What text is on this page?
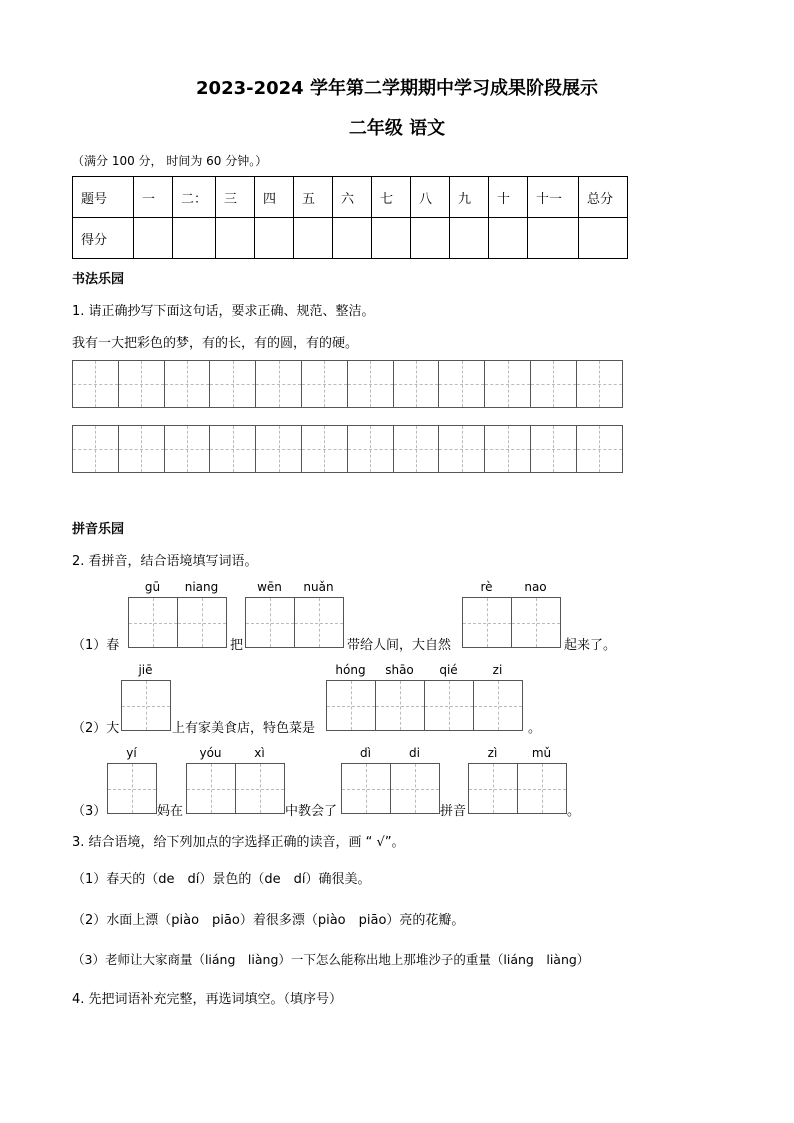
2023-2024 学年第二学期期中学习成果阶段展示
二年级 语文
（满分 100 分， 时间为 60 分钟。）
题号	一	二：	三	四	五	六	七	八	九	十	十一	总分
得分												
书法乐园
1. 请正确抄写下面这句话，要求正确、规范、整洁。
我有一大把彩色的梦，有的长，有的圆，有的硬。
拼音乐园
2. 看拼音，结合语境填写词语。
gū	niang	wēn	nuǎn	rè	nao
（1）春	把	带给人间，大自然	起来了。
jiē	hóng	shāo	qié	zi
（2）大	上有家美食店，特色菜是	。
yí	yóu	xì	dì	di	zì	mǔ
（3）	妈在	中教会了	拼音	。
3. 结合语境，给下列加点的字选择正确的读音，画 “ √”。
（1）春天的（de　dí）景色的（de　dí）确很美。
（2）水面上漂（piào　piāo）着很多漂（piào　piāo）亮的花瓣。
（3）老师让大家商量（liáng　liàng）一下怎么能称出地上那堆沙子的重量（liáng　liàng）
4. 先把词语补充完整，再选词填空。（填序号）
